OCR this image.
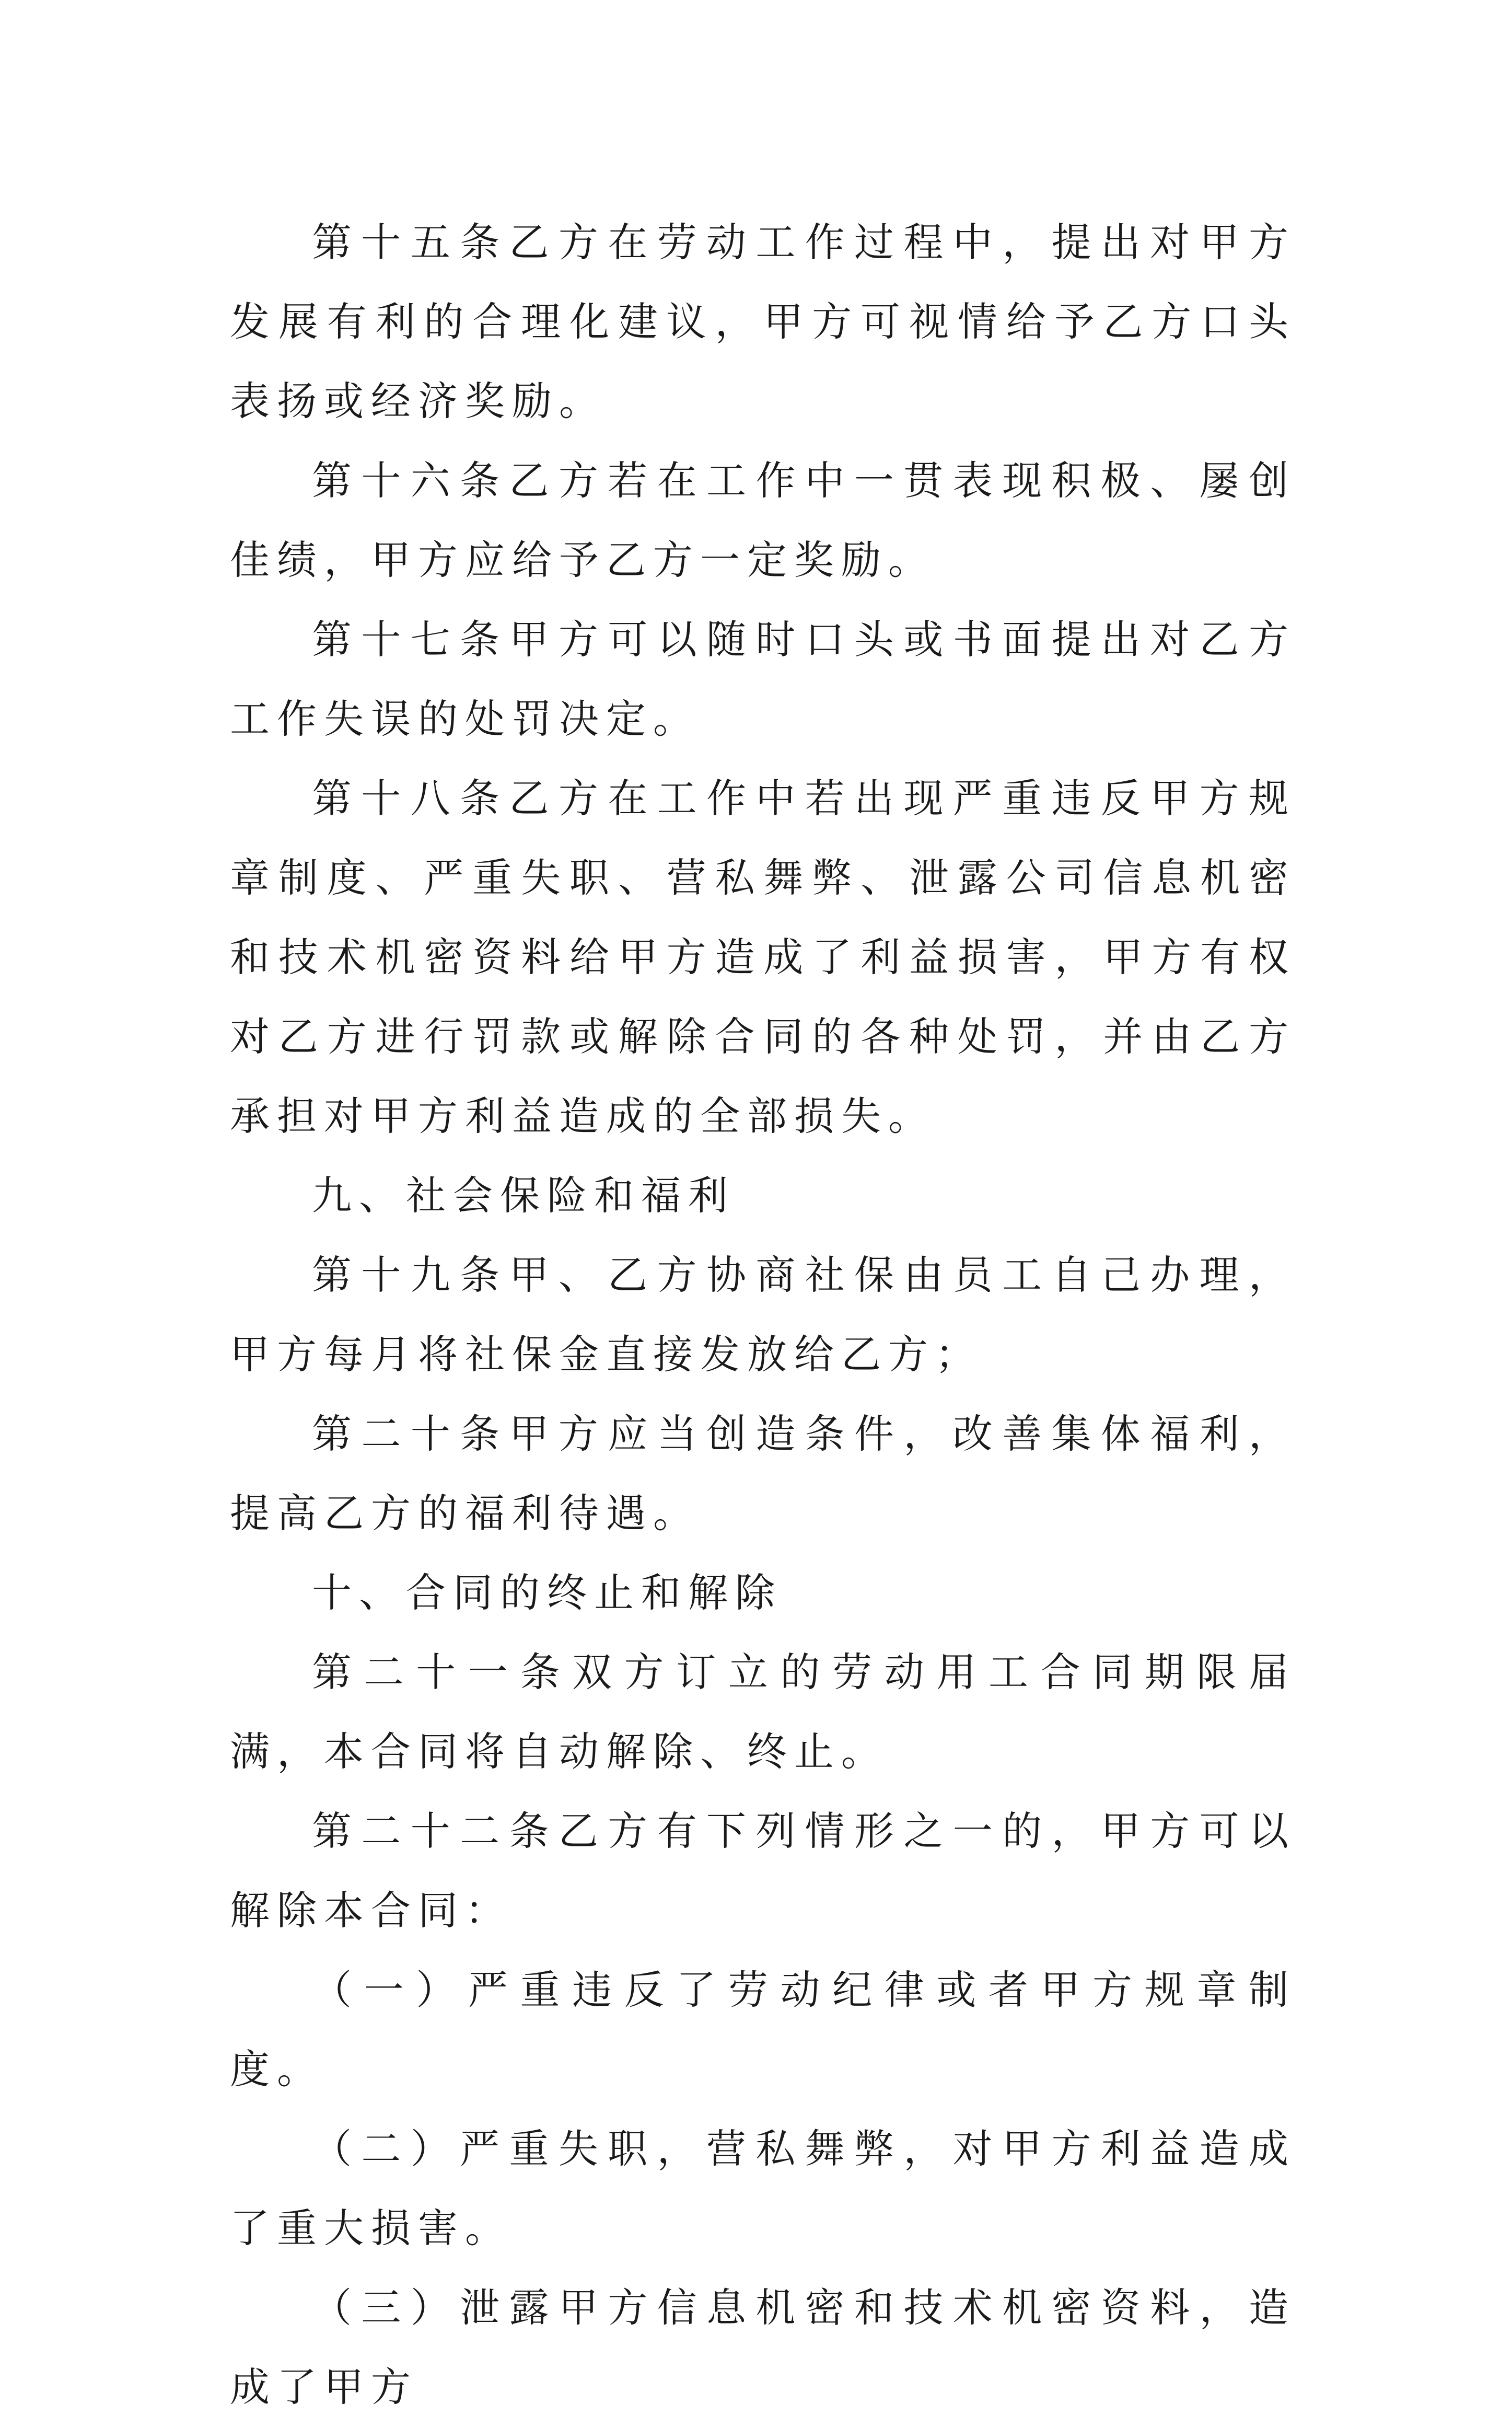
第十五条乙方在劳动工作过程中，提出对甲方发展有利的合理化建议，甲方可视情给予乙方口头表扬或经济奖励。

第十六条乙方若在工作中一贯表现积极、屡创佳绩，甲方应给予乙方一定奖励。

第十七条甲方可以随时口头或书面提出对乙方工作失误的处罚决定。

第十八条乙方在工作中若出现严重违反甲方规章制度、严重失职、营私舞弊、泄露公司信息机密和技术机密资料给甲方造成了利益损害，甲方有权对乙方进行罚款或解除合同的各种处罚，并由乙方承担对甲方利益造成的全部损失。

九、社会保险和福利

第十九条甲、乙方协商社保由员工自己办理，甲方每月将社保金直接发放给乙方；

第二十条甲方应当创造条件，改善集体福利，提高乙方的福利待遇。

十、合同的终止和解除

第二十一条双方订立的劳动用工合同期限届满，本合同将自动解除、终止。

第二十二条乙方有下列情形之一的，甲方可以解除本合同：

（一）严重违反了劳动纪律或者甲方规章制度。

（二）严重失职，营私舞弊，对甲方利益造成了重大损害。

（三）泄露甲方信息机密和技术机密资料，造成了甲方
